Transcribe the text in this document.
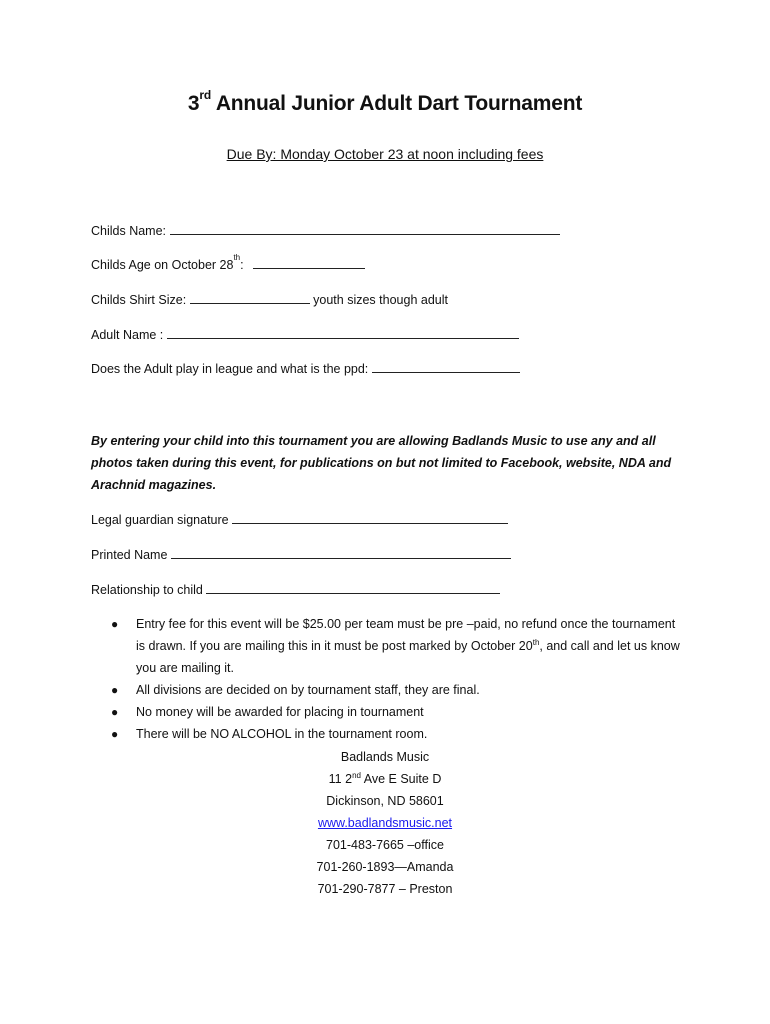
3rd Annual Junior Adult Dart Tournament
Due By: Monday October 23 at noon including fees
Childs Name:
Childs Age on October 28th:
Childs Shirt Size:	youth sizes though adult
Adult Name :
Does the Adult play in league and what is the ppd:
By entering your child into this tournament you are allowing Badlands Music to use any and all photos taken during this event, for publications on but not limited to Facebook, website, NDA and Arachnid magazines.
Legal guardian signature
Printed Name
Relationship to child
● Entry fee for this event will be $25.00 per team must be pre –paid, no refund once the tournament is drawn. If you are mailing this in it must be post marked by October 20th, and call and let us know you are mailing it.
● All divisions are decided on by tournament staff, they are final.
● No money will be awarded for placing in tournament
● There will be NO ALCOHOL in the tournament room.
Badlands Music
11 2nd Ave E Suite D
Dickinson, ND 58601
www.badlandsmusic.net
701-483-7665 –office
701-260-1893—Amanda
701-290-7877 – Preston
